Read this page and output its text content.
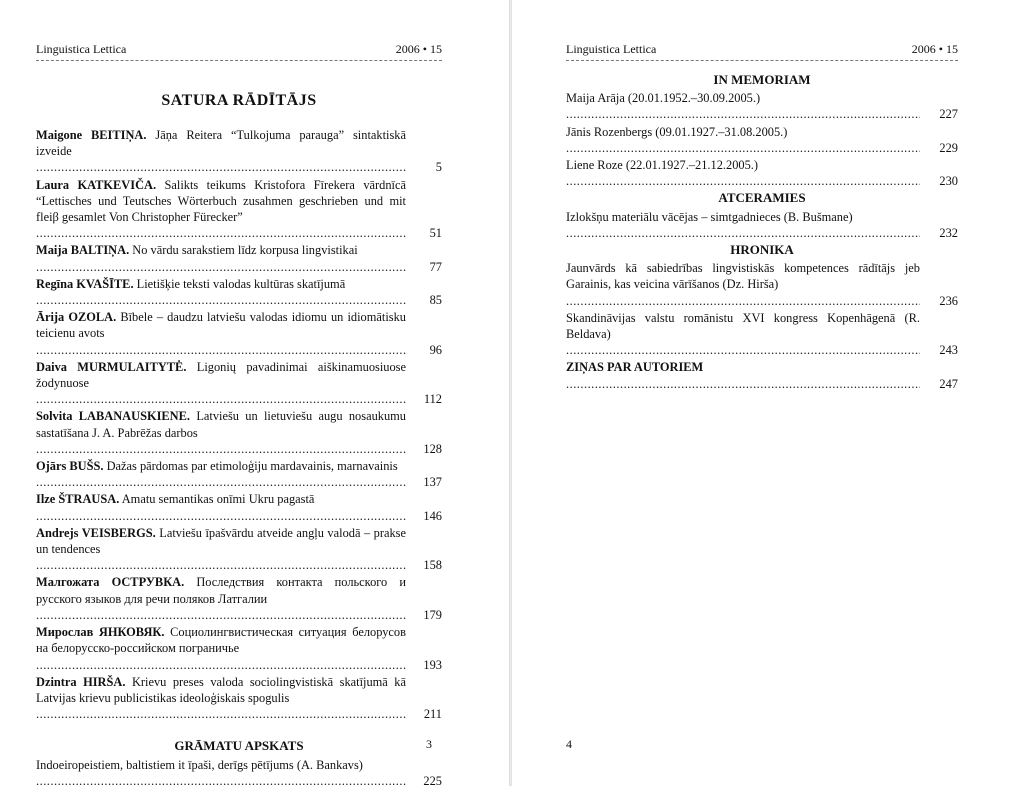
Linguistica Lettica	2006 • 15
SATURA RĀDĪTĀJS
Maigone BEITIŅA. Jāņa Reitera “Tulkojuma parauga” sintaktiskā izveide
.....
5
Laura KATKEVIČA. Salikts teikums Kristofora Fīrekera vārdnīcā “Lettisches und Teutsches Wörterbuch zusahmen geschrieben und mit fleiβ gesamlet Von Christopher Fürecker”
.....
51
Maija BALTIŅA. No vārdu sarakstiem līdz korpusa lingvistikai
.....
77
Regīna KVAŠĪTE. Lietišķie teksti valodas kultūras skatījumā
.....
85
Ārija OZOLA. Bībele – daudzu latviešu valodas idiomu un idiomātisku teicienu avots
.....
96
Daiva MURMULAITYTĖ. Ligonių pavadinimai aiškinamuosiuose žodynuose
.....
112
Solvita LABANAUSKIENE. Latviešu un lietuviešu augu nosaukumu sastatīšana J. A. Pabrēžas darbos
.....
128
Ojārs BUŠS. Dažas pārdomas par etimoloģiju mardavainis, marnavainis
.....
137
Ilze ŠTRAUSA. Amatu semantikas onīmi Ukru pagastā
.....
146
Andrejs VEISBERGS. Latviešu īpašvārdu atveide angļu valodā – prakse un tendences
.....
158
Малгожата ОСТРУВКА. Последствия контакта польского и русского языков для речи поляков Латгалии
.....
179
Мирослав ЯНКОВЯК. Социолингвистическая ситуация белорусов на белорусско-российском пограничье
.....
193
Dzintra HIRŠA. Krievu preses valoda sociolingvistiskā skatījumā kā Latvijas krievu publicistikas ideoloģiskais spogulis
.....
211
GRĀMATU APSKATS
Indoeiropeistiem, baltistiem it īpaši, derīgs pētījums (A. Bankavs)
.....
225
3
Linguistica Lettica	2006 • 15
IN MEMORIAM
Maija Arāja (20.01.1952.–30.09.2005.)
.....
227
Jānis Rozenbergs (09.01.1927.–31.08.2005.)
.....
229
Liene Roze (22.01.1927.–21.12.2005.)
.....
230
ATCERAMIES
Izlokšņu materiālu vācējas – simtgadnieces (B. Bušmane)
.....
232
HRONIKA
Jaunvārds kā sabiedrības lingvistiskās kompetences rādītājs jeb Garainis, kas veicina vārīšanos (Dz. Hirša)
.....
236
Skandināvijas valstu romānistu XVI kongress Kopenhāgenā (R. Beldava)
.....
243
ZIŅAS PAR AUTORIEM
.....
247
4
